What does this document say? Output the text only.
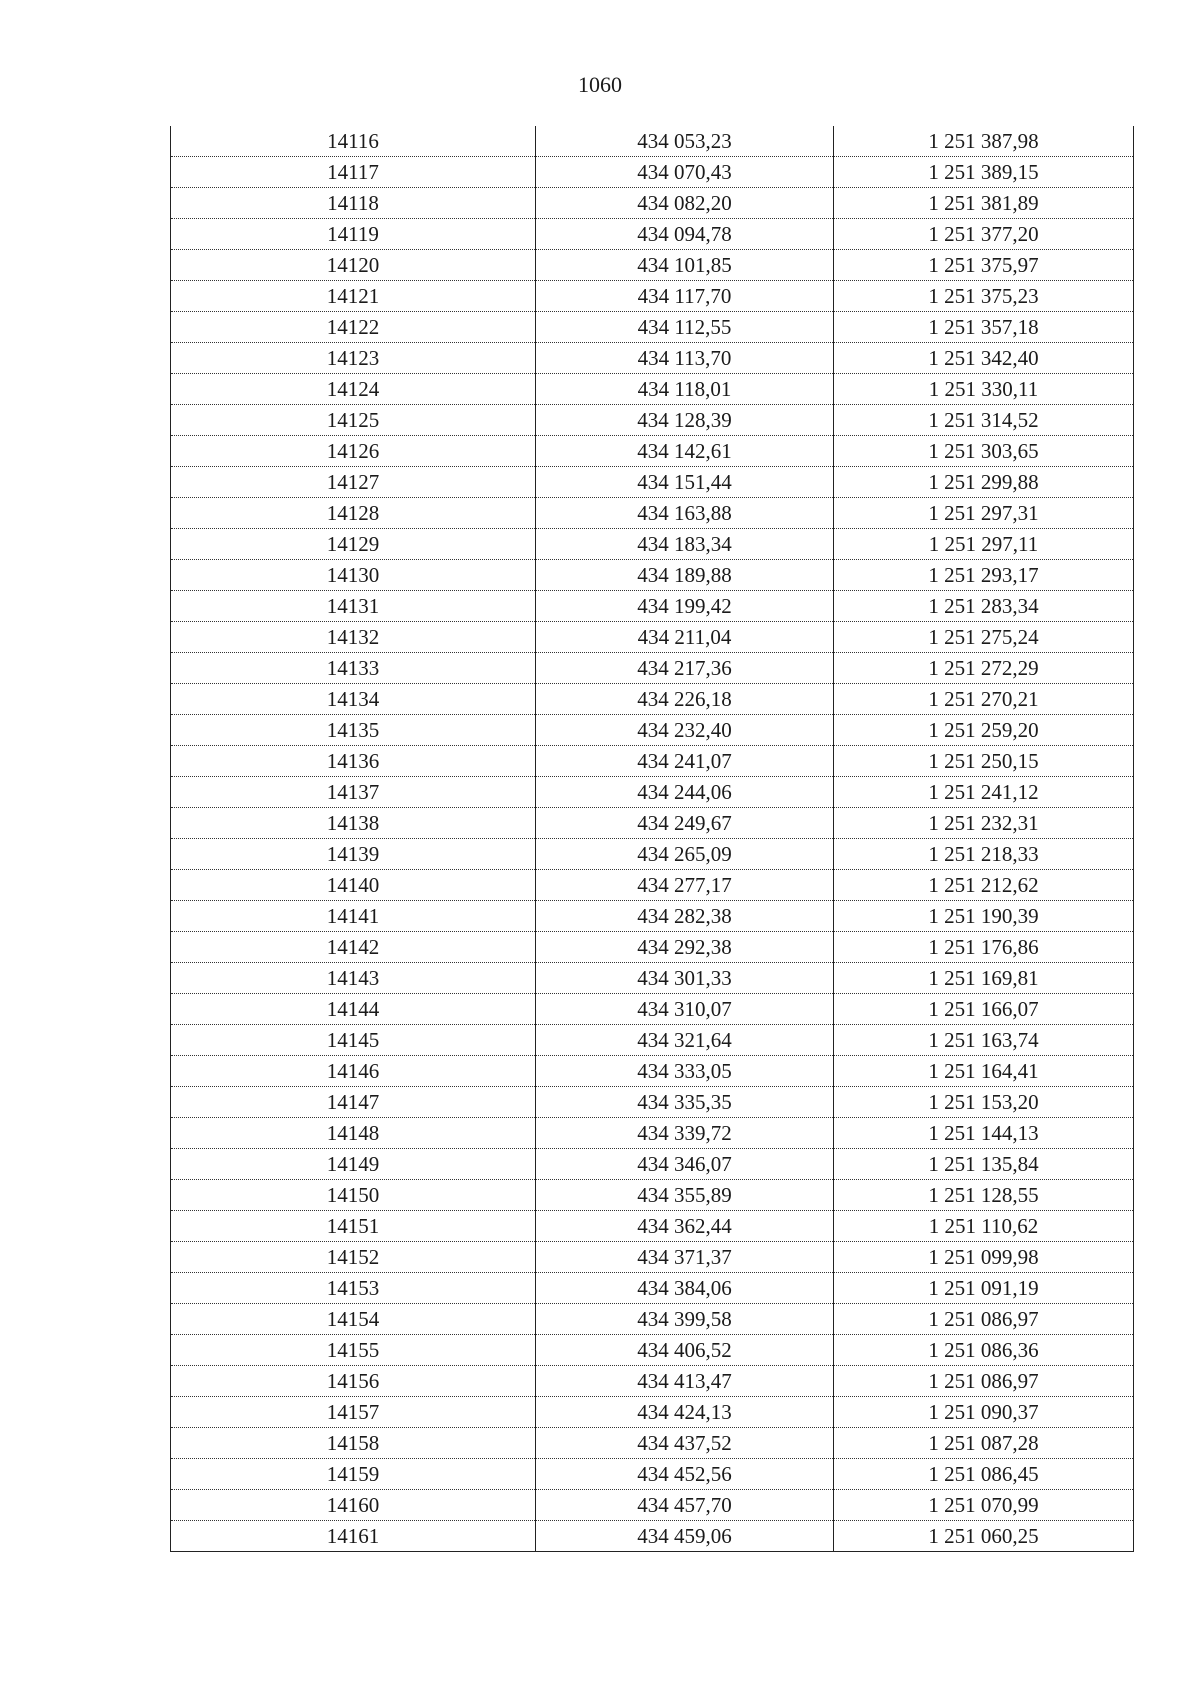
1060
14116	434 053,23	1 251 387,98
14117	434 070,43	1 251 389,15
14118	434 082,20	1 251 381,89
14119	434 094,78	1 251 377,20
14120	434 101,85	1 251 375,97
14121	434 117,70	1 251 375,23
14122	434 112,55	1 251 357,18
14123	434 113,70	1 251 342,40
14124	434 118,01	1 251 330,11
14125	434 128,39	1 251 314,52
14126	434 142,61	1 251 303,65
14127	434 151,44	1 251 299,88
14128	434 163,88	1 251 297,31
14129	434 183,34	1 251 297,11
14130	434 189,88	1 251 293,17
14131	434 199,42	1 251 283,34
14132	434 211,04	1 251 275,24
14133	434 217,36	1 251 272,29
14134	434 226,18	1 251 270,21
14135	434 232,40	1 251 259,20
14136	434 241,07	1 251 250,15
14137	434 244,06	1 251 241,12
14138	434 249,67	1 251 232,31
14139	434 265,09	1 251 218,33
14140	434 277,17	1 251 212,62
14141	434 282,38	1 251 190,39
14142	434 292,38	1 251 176,86
14143	434 301,33	1 251 169,81
14144	434 310,07	1 251 166,07
14145	434 321,64	1 251 163,74
14146	434 333,05	1 251 164,41
14147	434 335,35	1 251 153,20
14148	434 339,72	1 251 144,13
14149	434 346,07	1 251 135,84
14150	434 355,89	1 251 128,55
14151	434 362,44	1 251 110,62
14152	434 371,37	1 251 099,98
14153	434 384,06	1 251 091,19
14154	434 399,58	1 251 086,97
14155	434 406,52	1 251 086,36
14156	434 413,47	1 251 086,97
14157	434 424,13	1 251 090,37
14158	434 437,52	1 251 087,28
14159	434 452,56	1 251 086,45
14160	434 457,70	1 251 070,99
14161	434 459,06	1 251 060,25
